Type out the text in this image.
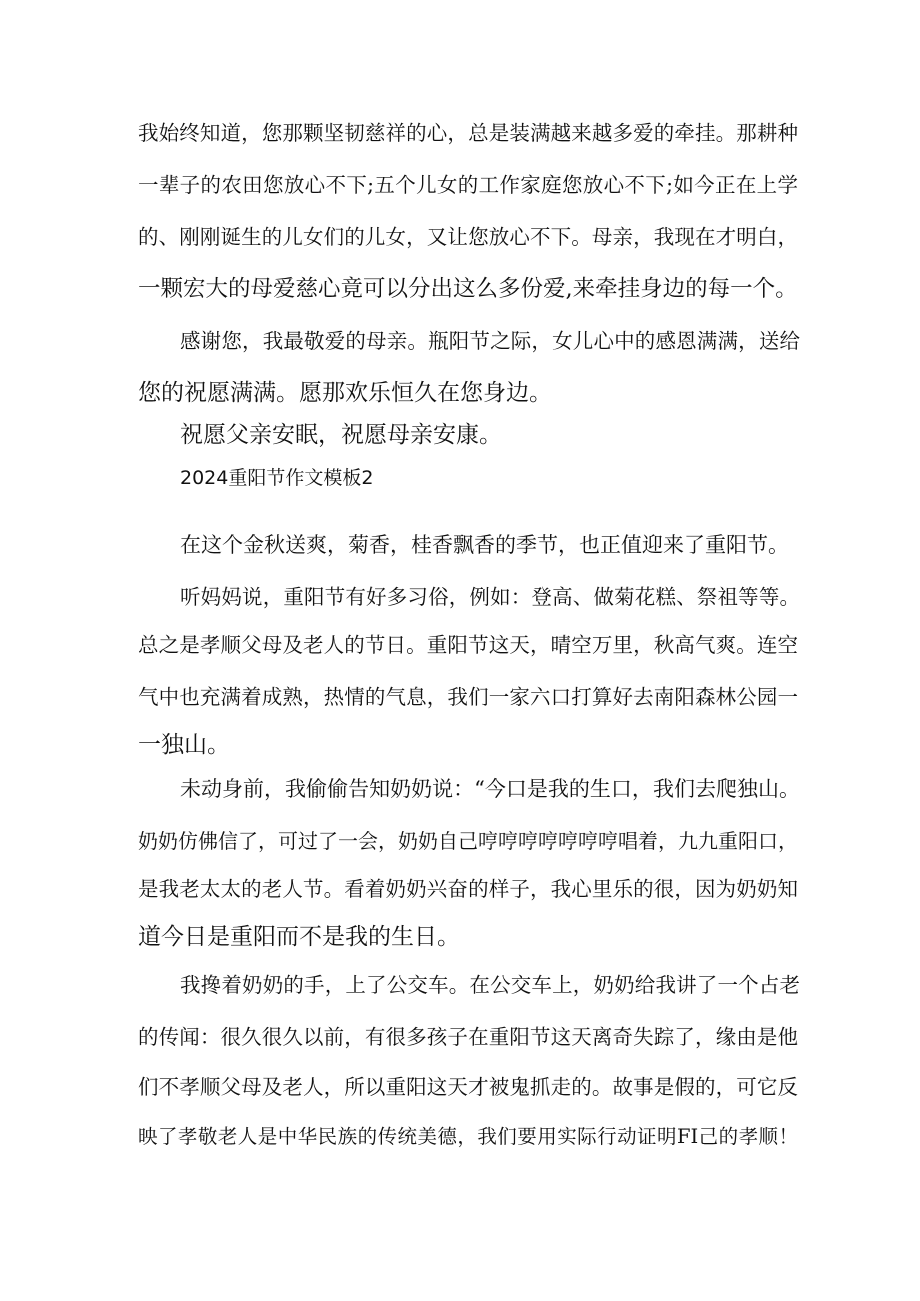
我始终知道，您那颗坚韧慈祥的心，总是装满越来越多爱的牵挂。那耕种
一辈子的农田您放心不下;五个儿女的工作家庭您放心不下;如今正在上学
的、刚刚诞生的儿女们的儿女，又让您放心不下。母亲，我现在才明白，
一颗宏大的母爱慈心竟可以分出这么多份爱,来牵挂身边的每一个。
感谢您，我最敬爱的母亲。瓶阳节之际，女儿心中的感恩满满，送给
您的祝愿满满。愿那欢乐恒久在您身边。
祝愿父亲安眠，祝愿母亲安康。
2024重阳节作文模板2
在这个金秋送爽，菊香，桂香飘香的季节，也正值迎来了重阳节。
听妈妈说，重阳节有好多习俗，例如：登高、做菊花糕、祭祖等等。
总之是孝顺父母及老人的节日。重阳节这天，晴空万里，秋高气爽。连空
气中也充满着成熟，热情的气息，我们一家六口打算好去南阳森林公园一
一独山。
未动身前，我偷偷告知奶奶说：“今口是我的生口，我们去爬独山。
奶奶仿佛信了，可过了一会，奶奶自己哼哼哼哼哼哼哼唱着，九九重阳口，
是我老太太的老人节。看着奶奶兴奋的样子，我心里乐的很，因为奶奶知
道今日是重阳而不是我的生日。
我搀着奶奶的手，上了公交车。在公交车上，奶奶给我讲了一个占老
的传闻：很久很久以前，有很多孩子在重阳节这天离奇失踪了，缘由是他
们不孝顺父母及老人，所以重阳这天才被鬼抓走的。故事是假的，可它反
映了孝敬老人是中华民族的传统美德，我们要用实际行动证明FI己的孝顺！
